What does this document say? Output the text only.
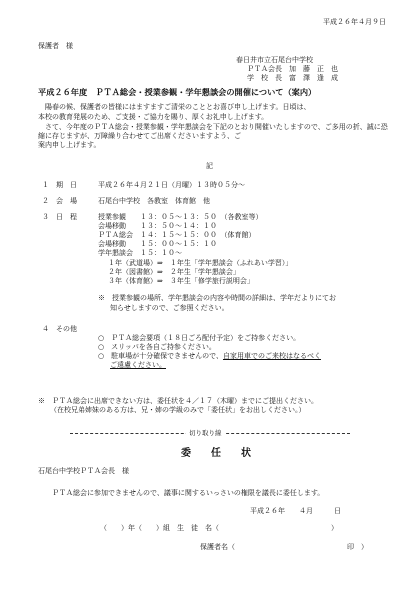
平成２６年４月９日
保護者　様
春日井市立石尾台中学校
ＰＴＡ会長　加　藤　正　也
学　校　長　富　澤　逢　成
平成２６年度　ＰＴＡ総会・授業参観・学年懇談会の開催について（案内）
　陽春の候、保護者の皆様にはますますご清栄のこととお喜び申し上げます。日頃は、
本校の教育発展のため、ご支援・ご協力を賜り、厚くお礼申し上げます。
　さて、今年度のＰＴＡ総会・授業参観・学年懇談会を下記のとおり開催いたしますので、ご多用の折、誠に恐縮に存じますが、万障繰り合わせてご出席くださいますよう、ご
案内申し上げます。
記
１　期　日	平成２６年４月２１日（月曜）１３時０５分～
２　会　場	石尾台中学校　各教室　体育館　他
３　日　程	授業参観　　１３：０５～１３：５０　（各教室等）
会場移動　　１３：５０～１４：１０
ＰＴＡ総会　１４：１５～１５：００　（体育館）
会場移動　　１５：００～１５：１０
学年懇談会　１５：１０～
１年（武道場）⇒　１年生「学年懇談会（ふれあい学習）」
２年（図書館）⇒　２年生「学年懇談会」
３年（体育館）⇒　３年生「修学旅行説明会」
※　授業参観の場所、学年懇談会の内容や時間の詳細は、学年だよりにてお
知らせしますので、ご参照ください。
４　その他
○　ＰＴＡ総会要項（１８日ごろ配付予定）をご持参ください。
○　スリッパを各自ご持参ください。
○　駐車場が十分確保できませんので、自家用車でのご来校はなるべく
ご遠慮ください。
※　ＰＴＡ総会に出席できない方は、委任状を４／１７（木曜）までにご提出ください。
（在校兄弟姉妹のある方は、兄・姉の学級のみで「委任状」をお出しください。）
切り取り線
委　　任　　状
石尾台中学校ＰＴＡ会長　様
ＰＴＡ総会に参加できませんので、議事に関するいっさいの権限を議長に委任します。
平成２６年　　４月　　　日
（　　）年（　　）組　生　徒　名（　　　　　　　　　　　　　　　　）
保護者名（　　　　　　　　　　　　　　　　印　）
